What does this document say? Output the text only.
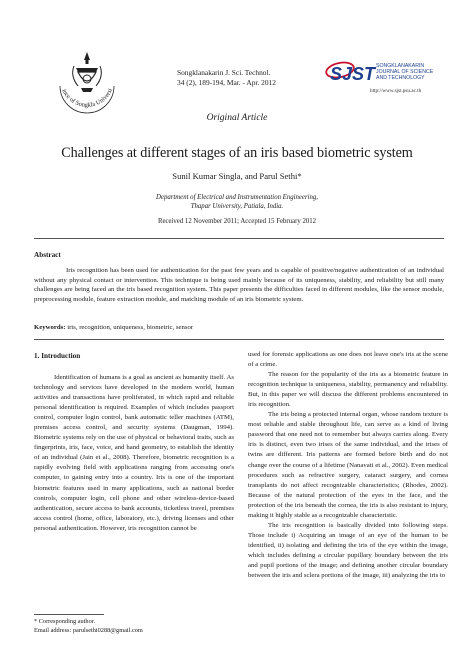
ince of Songkla Universi
Songklanakarin J. Sci. Technol.
34 (2), 189-194, Mar. - Apr. 2012	SJST SONGKLANAKARIN
JOURNAL OF SCIENCE
AND TECHNOLOGY
http://www.sjst.psu.ac.th
Original Article
Challenges at different stages of an iris based biometric system
Sunil Kumar Singla, and Parul Sethi*
Department of Electrical and Instrumentation Engineering,
Thapar University, Patiala, India.
Received 12 November 2011; Accepted 15 February 2012
Abstract
Iris recognition has been used for authentication for the past few years and is capable of positive/negative authentication of an individual without any physical contact or intervention. This technique is being used mainly because of its uniqueness, stability, and reliability but still many challenges are being faced an the iris based recognition system. This paper presents the difficulties faced in different modules, like the sensor module, preprocessing module, feature extraction module, and matching module of an iris biometric system.
Keywords: iris, recognition, uniqueness, biometric, sensor
1. Introduction

Identification of humans is a goal as ancient as humanity itself. As technology and services have developed in the modern world, human activities and transactions have proliferated, in which rapid and reliable personal identification is required. Examples of which includes passport control, computer login control, bank automatic teller machines (ATM), premises access control, and security systems (Daugman, 1994). Biometric systems rely on the use of physical or behavioral traits, such as fingerprints, iris, face, voice, and hand geometry, to establish the identity of an individual (Jain et al., 2008). Therefore, biometric recognition is a rapidly evolving field with applications ranging from accessing one's computer, to gaining entry into a country. Iris is one of the important biometric features used in many applications, such as national border controls, computer login, cell phone and other wireless-device-based authentication, secure access to bank accounts, ticketless travel, premises access control (home, office, laboratory, etc.), driving licenses and other personal authentication. However, iris recognition cannot be

used for forensic applications as one does not leave one's iris at the scene of a crime.

The reason for the popularity of the iris as a biometric feature in recognition technique is uniqueness, stability, permanency and reliability. But, in this paper we will discuss the different problems encountered in iris recognition.

The iris being a protected internal organ, whose random texture is most reliable and stable throughout life, can serve as a kind of living password that one need not to remember but always carries along. Every iris is distinct, even two irises of the same individual, and the irises of twins are different. Iris patterns are formed before birth and do not change over the course of a lifetime (Nanavati et al., 2002). Even medical procedures such as refractive surgery, cataract surgery, and cornea transplants do not affect recognizable characteristics; (Rhodes, 2002). Because of the natural protection of the eyes in the face, and the protection of the iris beneath the cornea, the iris is also resistant to injury, making it highly stable as a recognizable characteristic.

The iris recognition is basically divided into following steps. Those include i) Acquiring an image of an eye of the human to be identified, ii) isolating and defining the iris of the eye within the image, which includes defining a circular pupillary boundary between the iris and pupil portions of the image; and defining another circular boundary between the iris and sclera portions of the image, iii) analyzing the iris to

* Corresponding author.
Email address: parulsethi0288@gmail.com
